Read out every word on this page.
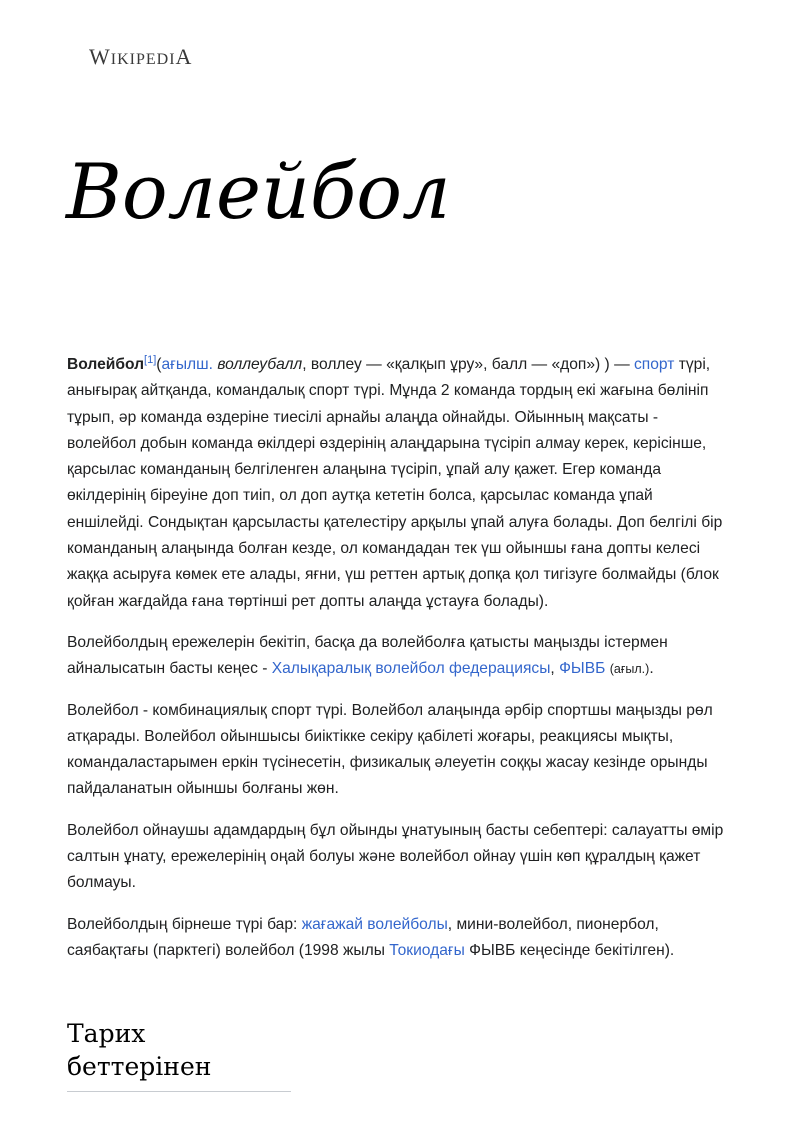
WIKIPEDIA
Волейбол

Волейбол[1](ағылш. воллеубалл, воллеу — «қалқып ұру», балл — «доп») ) — спорт түрі, анығырақ айтқанда, командалық спорт түрі. Мұнда 2 команда тордың екі жағына бөлініп тұрып, әр команда өздеріне тиесілі арнайы алаңда ойнайды. Ойынның мақсаты - волейбол добын команда өкілдері өздерінің алаңдарына түсіріп алмау керек, керісінше, қарсылас команданың белгіленген алаңына түсіріп, ұпай алу қажет. Егер команда өкілдерінің біреуіне доп тиіп, ол доп аутқа кететін болса, қарсылас команда ұпай еншілейді. Сондықтан қарсыласты қателестіру арқылы ұпай алуға болады. Доп белгілі бір команданың алаңында болған кезде, ол командадан тек үш ойыншы ғана допты келесі жаққа асыруға көмек ете алады, яғни, үш реттен артық допқа қол тигізуге болмайды (блок қойған жағдайда ғана төртінші рет допты алаңда ұстауға болады).

Волейболдың ережелерін бекітіп, басқа да волейболға қатысты маңызды істермен айналысатын басты кеңес - Халықаралық волейбол федерациясы, ФЫВБ (ағыл.).

Волейбол - комбинациялық спорт түрі. Волейбол алаңында әрбір спортшы маңызды рөл атқарады. Волейбол ойыншысы биіктікке секіру қабілеті жоғары, реакциясы мықты, командаластарымен еркін түсінесетін, физикалық әлеуетін соққы жасау кезінде орынды пайдаланатын ойыншы болғаны жөн.

Волейбол ойнаушы адамдардың бұл ойынды ұнатуының басты себептері: салауатты өмір салтын ұнату, ережелерінің оңай болуы және волейбол ойнау үшін көп құралдың қажет болмауы.

Волейболдың бірнеше түрі бар: жағажай волейболы, мини-волейбол, пионербол, саябақтағы (парктегі) волейбол (1998 жылы Токиодағы ФЫВБ кеңесінде бекітілген).

Тарих беттерінен
